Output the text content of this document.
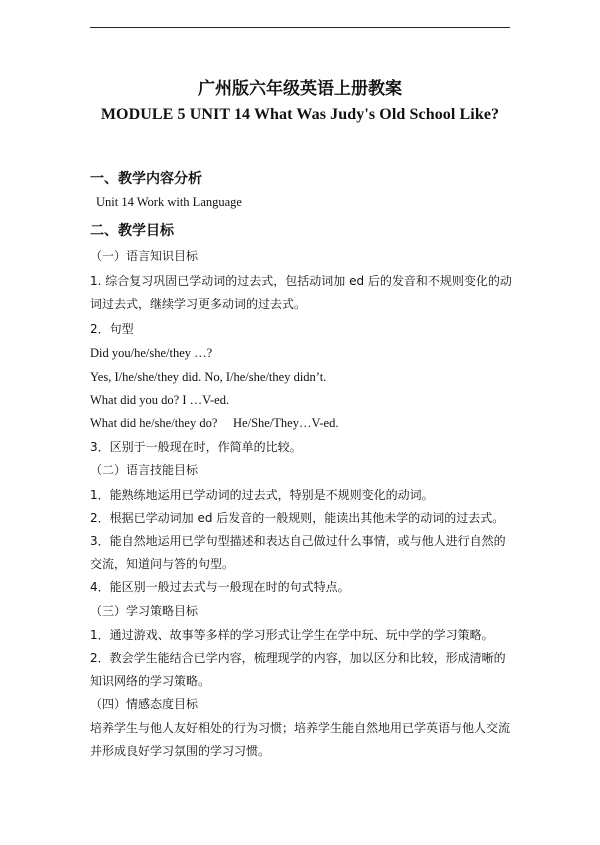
广州版六年级英语上册教案
MODULE 5 UNIT 14 What Was Judy's Old School Like?
一、教学内容分析
Unit 14 Work with Language
二、教学目标
（一）语言知识目标
1. 综合复习巩固已学动词的过去式，包括动词加 ed 后的发音和不规则变化的动
词过去式，继续学习更多动词的过去式。
2．句型
Did you/he/she/they …?
Yes, I/he/she/they did. No, I/he/she/they didn’t.
What did you do? I …V-ed.
What did he/she/they do?     He/She/They…V-ed.
3．区别于一般现在时，作简单的比较。
（二）语言技能目标
1．能熟练地运用已学动词的过去式，特别是不规则变化的动词。
2．根据已学动词加 ed 后发音的一般规则，能读出其他未学的动词的过去式。
3．能自然地运用已学句型描述和表达自己做过什么事情，或与他人进行自然的
交流，知道问与答的句型。
4．能区别一般过去式与一般现在时的句式特点。
（三）学习策略目标
1．通过游戏、故事等多样的学习形式让学生在学中玩、玩中学的学习策略。
2．教会学生能结合已学内容，梳理现学的内容，加以区分和比较，形成清晰的
知识网络的学习策略。
（四）情感态度目标
培养学生与他人友好相处的行为习惯；培养学生能自然地用已学英语与他人交流
并形成良好学习氛围的学习习惯。
